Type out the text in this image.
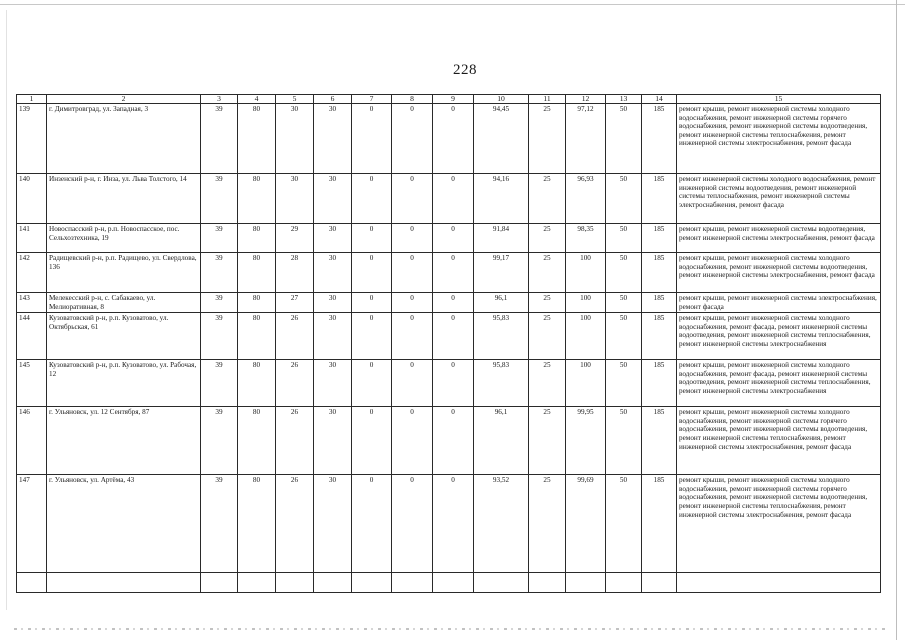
228
1	2	3	4	5	6	7	8	9	10	11	12	13	14	15
139	г. Димитровград, ул. Западная, 3	39	80	30	30	0	0	0	94,45	25	97,12	50	185	ремонт крыши, ремонт инженерной системы холодного водоснабжения, ремонт инженерной системы горячего водоснабжения, ремонт инженерной системы водоотведения, ремонт инженерной системы теплоснабжения, ремонт инженерной системы электроснабжения, ремонт фасада
140	Инзенский р-н, г. Инза, ул. Льва Толстого, 14	39	80	30	30	0	0	0	94,16	25	96,93	50	185	ремонт инженерной системы холодного водоснабжения, ремонт инженерной системы водоотведения, ремонт инженерной системы теплоснабжения, ремонт инженерной системы электроснабжения, ремонт фасада
141	Новоспасский р-н, р.п. Новоспасское, пос. Сельхозтехника, 19	39	80	29	30	0	0	0	91,84	25	98,35	50	185	ремонт крыши, ремонт инженерной системы водоотведения, ремонт инженерной системы электроснабжения, ремонт фасада
142	Радищевский р-н, р.п. Радищево, ул. Свердлова, 136	39	80	28	30	0	0	0	99,17	25	100	50	185	ремонт крыши, ремонт инженерной системы холодного водоснабжения, ремонт инженерной системы водоотведения, ремонт инженерной системы электроснабжения, ремонт фасада
143	Мелекесский р-н, с. Сабакаево, ул. Мелиоративная, 8	39	80	27	30	0	0	0	96,1	25	100	50	185	ремонт крыши, ремонт инженерной системы электроснабжения, ремонт фасада
144	Кузоватовский р-н, р.п. Кузоватово, ул. Октябрьская, 61	39	80	26	30	0	0	0	95,83	25	100	50	185	ремонт крыши, ремонт инженерной системы холодного водоснабжения, ремонт фасада, ремонт инженерной системы водоотведения, ремонт инженерной системы теплоснабжения, ремонт инженерной системы электроснабжения
145	Кузоватовский р-н, р.п. Кузоватово, ул. Рабочая, 12	39	80	26	30	0	0	0	95,83	25	100	50	185	ремонт крыши, ремонт инженерной системы холодного водоснабжения, ремонт фасада, ремонт инженерной системы водоотведения, ремонт инженерной системы теплоснабжения, ремонт инженерной системы электроснабжения
146	г. Ульяновск, ул. 12 Сентября, 87	39	80	26	30	0	0	0	96,1	25	99,95	50	185	ремонт крыши, ремонт инженерной системы холодного водоснабжения, ремонт инженерной системы горячего водоснабжения, ремонт инженерной системы водоотведения, ремонт инженерной системы теплоснабжения, ремонт инженерной системы электроснабжения, ремонт фасада
147	г. Ульяновск, ул. Артёма, 43	39	80	26	30	0	0	0	93,52	25	99,69	50	185	ремонт крыши, ремонт инженерной системы холодного водоснабжения, ремонт инженерной системы горячего водоснабжения, ремонт инженерной системы водоотведения, ремонт инженерной системы теплоснабжения, ремонт инженерной системы электроснабжения, ремонт фасада
